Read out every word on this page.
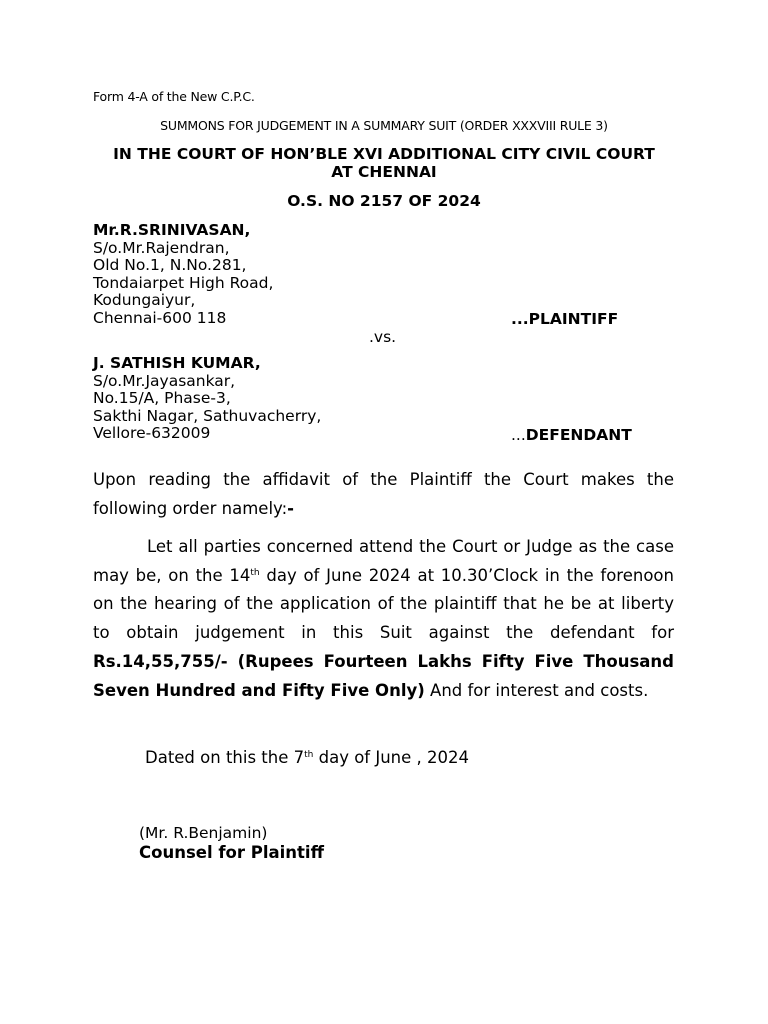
Form 4-A of the New C.P.C.
SUMMONS FOR JUDGEMENT IN A SUMMARY SUIT (ORDER XXXVIII RULE 3)
IN THE COURT OF HON’BLE XVI ADDITIONAL CITY CIVIL COURT
AT CHENNAI
O.S. NO 2157 OF 2024
Mr.R.SRINIVASAN,
S/o.Mr.Rajendran,
Old No.1, N.No.281,
Tondaiarpet High Road,
Kodungaiyur,
Chennai-600 118	...PLAINTIFF
.vs.
J. SATHISH KUMAR,
S/o.Mr.Jayasankar,
No.15/A, Phase-3,
Sakthi Nagar, Sathuvacherry,
Vellore-632009	...DEFENDANT
Upon reading the affidavit of the Plaintiff the Court makes the following order namely:-
Let all parties concerned attend the Court or Judge as the case may be, on the 14th day of June 2024 at 10.30’Clock in the forenoon on the hearing of the application of the plaintiff that he be at liberty to obtain judgement in this Suit against the defendant for Rs.14,55,755/- (Rupees Fourteen Lakhs Fifty Five Thousand Seven Hundred and Fifty Five Only) And for interest and costs.
Dated on this the 7th day of June , 2024
(Mr. R.Benjamin)
Counsel for Plaintiff
